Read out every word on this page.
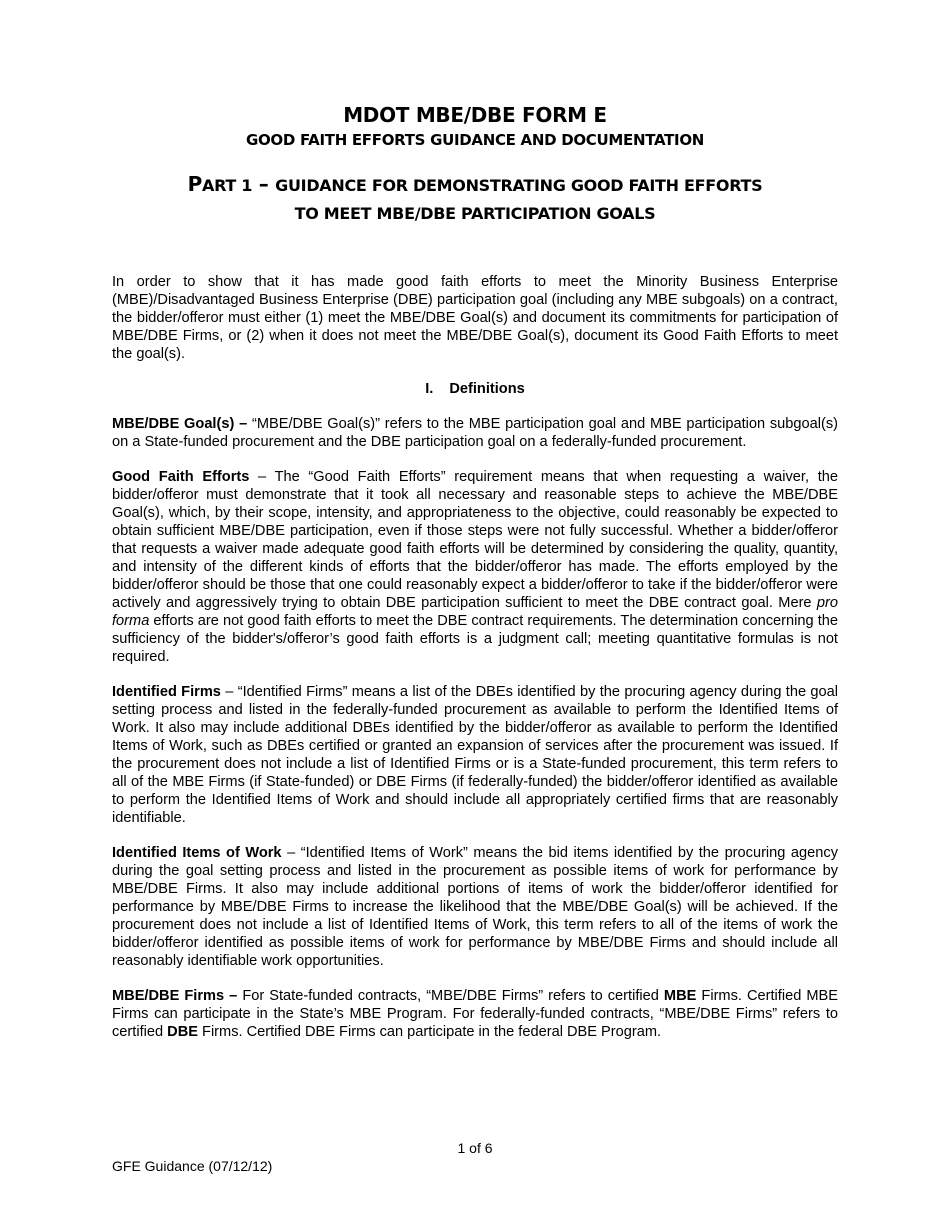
MDOT MBE/DBE FORM E
GOOD FAITH EFFORTS GUIDANCE AND DOCUMENTATION
PART 1 – GUIDANCE FOR DEMONSTRATING GOOD FAITH EFFORTS
TO MEET MBE/DBE PARTICIPATION GOALS

In order to show that it has made good faith efforts to meet the Minority Business Enterprise (MBE)/Disadvantaged Business Enterprise (DBE) participation goal (including any MBE subgoals) on a contract, the bidder/offeror must either (1) meet the MBE/DBE Goal(s) and document its commitments for participation of MBE/DBE Firms, or (2) when it does not meet the MBE/DBE Goal(s), document its Good Faith Efforts to meet the goal(s).

I. Definitions

MBE/DBE Goal(s) – “MBE/DBE Goal(s)” refers to the MBE participation goal and MBE participation subgoal(s) on a State-funded procurement and the DBE participation goal on a federally-funded procurement.

Good Faith Efforts – The “Good Faith Efforts” requirement means that when requesting a waiver, the bidder/offeror must demonstrate that it took all necessary and reasonable steps to achieve the MBE/DBE Goal(s), which, by their scope, intensity, and appropriateness to the objective, could reasonably be expected to obtain sufficient MBE/DBE participation, even if those steps were not fully successful. Whether a bidder/offeror that requests a waiver made adequate good faith efforts will be determined by considering the quality, quantity, and intensity of the different kinds of efforts that the bidder/offeror has made. The efforts employed by the bidder/offeror should be those that one could reasonably expect a bidder/offeror to take if the bidder/offeror were actively and aggressively trying to obtain DBE participation sufficient to meet the DBE contract goal. Mere pro forma efforts are not good faith efforts to meet the DBE contract requirements. The determination concerning the sufficiency of the bidder's/offeror’s good faith efforts is a judgment call; meeting quantitative formulas is not required.

Identified Firms – “Identified Firms” means a list of the DBEs identified by the procuring agency during the goal setting process and listed in the federally-funded procurement as available to perform the Identified Items of Work. It also may include additional DBEs identified by the bidder/offeror as available to perform the Identified Items of Work, such as DBEs certified or granted an expansion of services after the procurement was issued. If the procurement does not include a list of Identified Firms or is a State-funded procurement, this term refers to all of the MBE Firms (if State-funded) or DBE Firms (if federally-funded) the bidder/offeror identified as available to perform the Identified Items of Work and should include all appropriately certified firms that are reasonably identifiable.

Identified Items of Work – “Identified Items of Work” means the bid items identified by the procuring agency during the goal setting process and listed in the procurement as possible items of work for performance by MBE/DBE Firms. It also may include additional portions of items of work the bidder/offeror identified for performance by MBE/DBE Firms to increase the likelihood that the MBE/DBE Goal(s) will be achieved. If the procurement does not include a list of Identified Items of Work, this term refers to all of the items of work the bidder/offeror identified as possible items of work for performance by MBE/DBE Firms and should include all reasonably identifiable work opportunities.

MBE/DBE Firms – For State-funded contracts, “MBE/DBE Firms” refers to certified MBE Firms. Certified MBE Firms can participate in the State’s MBE Program. For federally-funded contracts, “MBE/DBE Firms” refers to certified DBE Firms. Certified DBE Firms can participate in the federal DBE Program.

1 of 6
GFE Guidance (07/12/12)
